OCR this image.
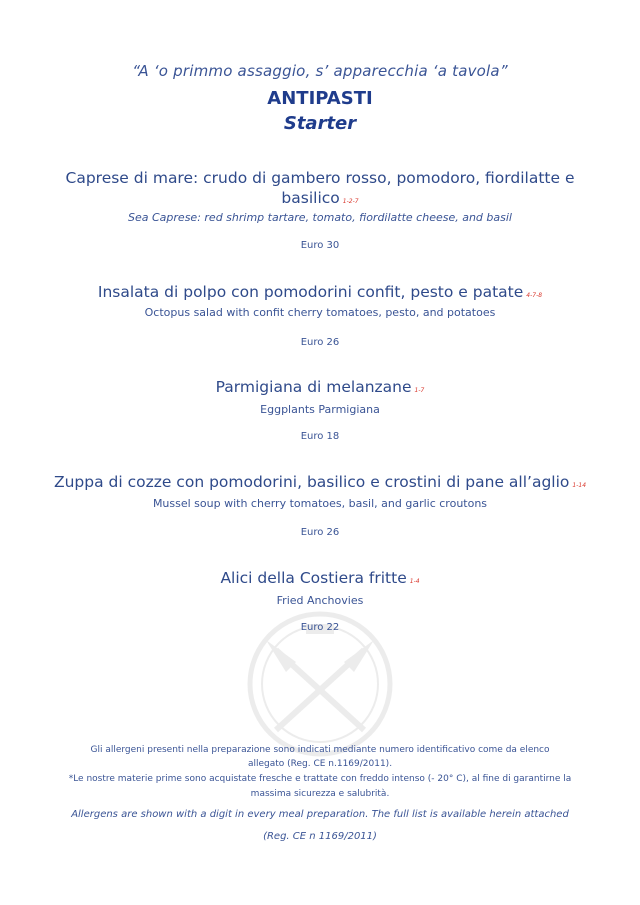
“A ‘o primmo assaggio, s’ apparecchia ‘a tavola”
ANTIPASTI
Starter
Caprese di mare: crudo di gambero rosso, pomodoro, fiordilatte e
basilico 1-2-7
Sea Caprese: red shrimp tartare, tomato, fiordilatte cheese, and basil
Euro 30
Insalata di polpo con pomodorini confit, pesto e patate 4-7-8
Octopus salad with confit cherry tomatoes, pesto, and potatoes
Euro 26
Parmigiana di melanzane 1-7
Eggplants Parmigiana
Euro 18
Zuppa di cozze con pomodorini, basilico e crostini di pane all’aglio 1-14
Mussel soup with cherry tomatoes, basil, and garlic croutons
Euro 26
Alici della Costiera fritte 1-4
Fried Anchovies
Euro 22
Gli allergeni presenti nella preparazione sono indicati mediante numero identificativo come da elenco
allegato (Reg. CE n.1169/2011).
*Le nostre materie prime sono acquistate fresche e trattate con freddo intenso (- 20° C), al fine di garantirne la
massima sicurezza e salubrità.
Allergens are shown with a digit in every meal preparation. The full list is available herein attached
(Reg. CE n 1169/2011)
